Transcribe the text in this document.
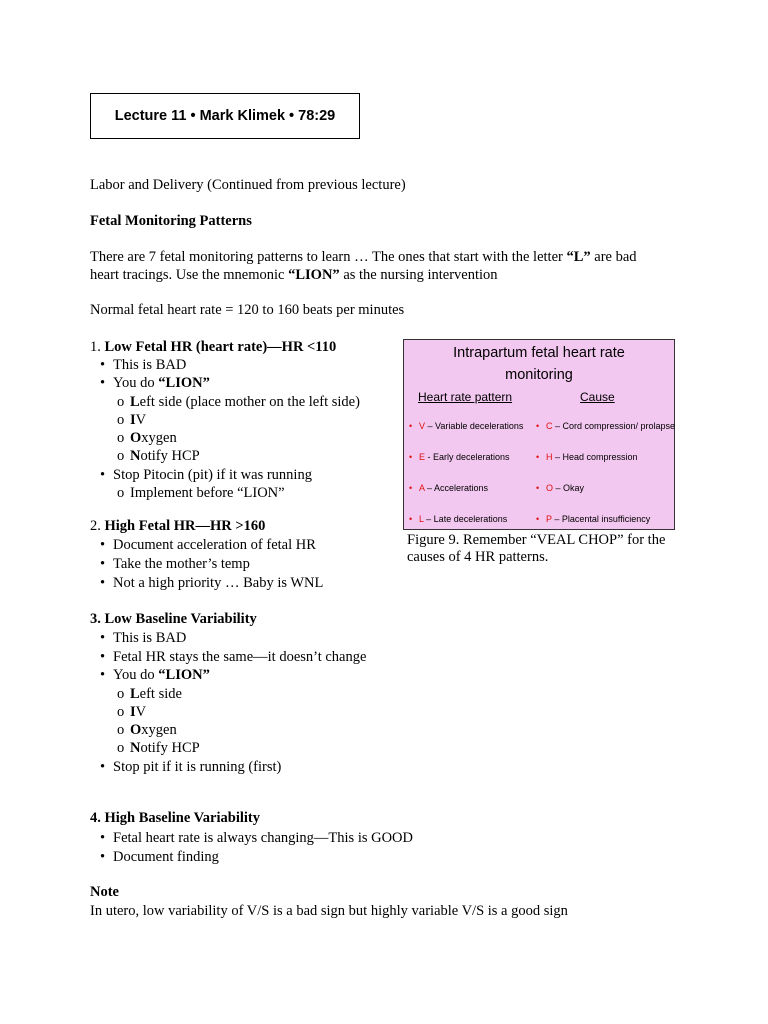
Lecture 11 • Mark Klimek • 78:29
Labor and Delivery (Continued from previous lecture)
Fetal Monitoring Patterns
There are 7 fetal monitoring patterns to learn … The ones that start with the letter “L” are bad
heart tracings. Use the mnemonic “LION” as the nursing intervention
Normal fetal heart rate = 120 to 160 beats per minutes
1. Low Fetal HR (heart rate)—HR <110
• This is BAD
• You do “LION”
o Left side (place mother on the left side)
o IV
o Oxygen
o Notify HCP
• Stop Pitocin (pit) if it was running
o Implement before “LION”
2. High Fetal HR—HR >160
• Document acceleration of fetal HR
• Take the mother’s temp
• Not a high priority … Baby is WNL
3. Low Baseline Variability
• This is BAD
• Fetal HR stays the same—it doesn’t change
• You do “LION”
o Left side
o IV
o Oxygen
o Notify HCP
• Stop pit if it is running (first)
4. High Baseline Variability
• Fetal heart rate is always changing—This is GOOD
• Document finding
Note
In utero, low variability of V/S is a bad sign but highly variable V/S is a good sign
Intrapartum fetal heart rate
monitoring
Heart rate pattern	Cause
• V – Variable decelerations • C – Cord compression/ prolapse
• E - Early decelerations	• H – Head compression
• A – Accelerations	• O – Okay
• L – Late decelerations	• P – Placental insufficiency
Figure 9. Remember “VEAL CHOP” for the causes of 4 HR patterns.
